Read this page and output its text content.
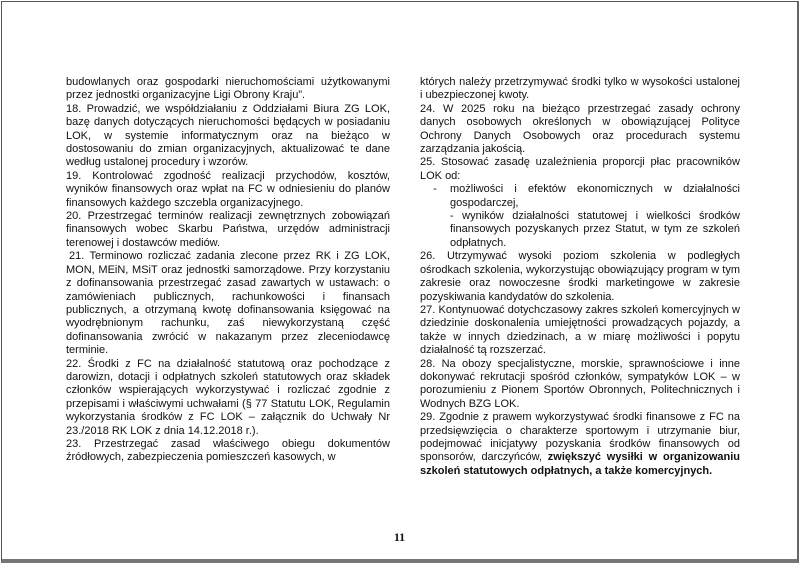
budowlanych oraz gospodarki nieruchomościami użytkowanymi przez jednostki organizacyjne Ligi Obrony Kraju”.

18. Prowadzić, we współdziałaniu z Oddziałami Biura ZG LOK, bazę danych dotyczących nieruchomości będących w posiadaniu LOK, w systemie informatycznym oraz na bieżąco w dostosowaniu do zmian organizacyjnych, aktualizować te dane według ustalonej procedury i wzorów.

19. Kontrolować zgodność realizacji przychodów, kosztów, wyników finansowych oraz wpłat na FC w odniesieniu do planów finansowych każdego szczebla organizacyjnego.

20. Przestrzegać terminów realizacji zewnętrznych zobowiązań finansowych wobec Skarbu Państwa, urzędów administracji terenowej i dostawców mediów.

21. Terminowo rozliczać zadania zlecone przez RK i ZG LOK, MON, MEiN, MSiT oraz jednostki samorządowe. Przy korzystaniu z dofinansowania przestrzegać zasad zawartych w ustawach: o zamówieniach publicznych, rachunkowości i finansach publicznych, a otrzymaną kwotę dofinansowania księgować na wyodrębnionym rachunku, zaś niewykorzystaną część dofinansowania zwrócić w nakazanym przez zleceniodawcę terminie.

22. Środki z FC na działalność statutową oraz pochodzące z darowizn, dotacji i odpłatnych szkoleń statutowych oraz składek członków wspierających wykorzystywać i rozliczać zgodnie z przepisami i właściwymi uchwałami (§ 77 Statutu LOK, Regulamin wykorzystania środków z FC LOK – załącznik do Uchwały Nr 23./2018 RK LOK z dnia 14.12.2018 r.).

23. Przestrzegać zasad właściwego obiegu dokumentów źródłowych, zabezpieczenia pomieszczeń kasowych, w

których należy przetrzymywać środki tylko w wysokości ustalonej i ubezpieczonej kwoty.

24. W 2025 roku na bieżąco przestrzegać zasady ochrony danych osobowych określonych w obowiązującej Polityce Ochrony Danych Osobowych oraz procedurach systemu zarządzania jakością.

25. Stosować zasadę uzależnienia proporcji płac pracowników LOK od:

-	możliwości i efektów ekonomicznych w działalności gospodarczej,
- wyników działalności statutowej i wielkości środków finansowych pozyskanych przez Statut, w tym ze szkoleń odpłatnych.

26. Utrzymywać wysoki poziom szkolenia w podległych ośrodkach szkolenia, wykorzystując obowiązujący program w tym zakresie oraz nowoczesne środki marketingowe w zakresie pozyskiwania kandydatów do szkolenia.

27. Kontynuować dotychczasowy zakres szkoleń komercyjnych w dziedzinie doskonalenia umiejętności prowadzących pojazdy, a także w innych dziedzinach, a w miarę możliwości i popytu działalność tą rozszerzać.

28. Na obozy specjalistyczne, morskie, sprawnościowe i inne dokonywać rekrutacji spośród członków, sympatyków LOK – w porozumieniu z Pionem Sportów Obronnych, Politechnicznych i Wodnych BZG LOK.

29. Zgodnie z prawem wykorzystywać środki finansowe z FC na przedsięwzięcia o charakterze sportowym i utrzymanie biur, podejmować inicjatywy pozyskania środków finansowych od sponsorów, darczyńców, zwiększyć wysiłki w organizowaniu szkoleń statutowych odpłatnych, a także komercyjnych.

11
